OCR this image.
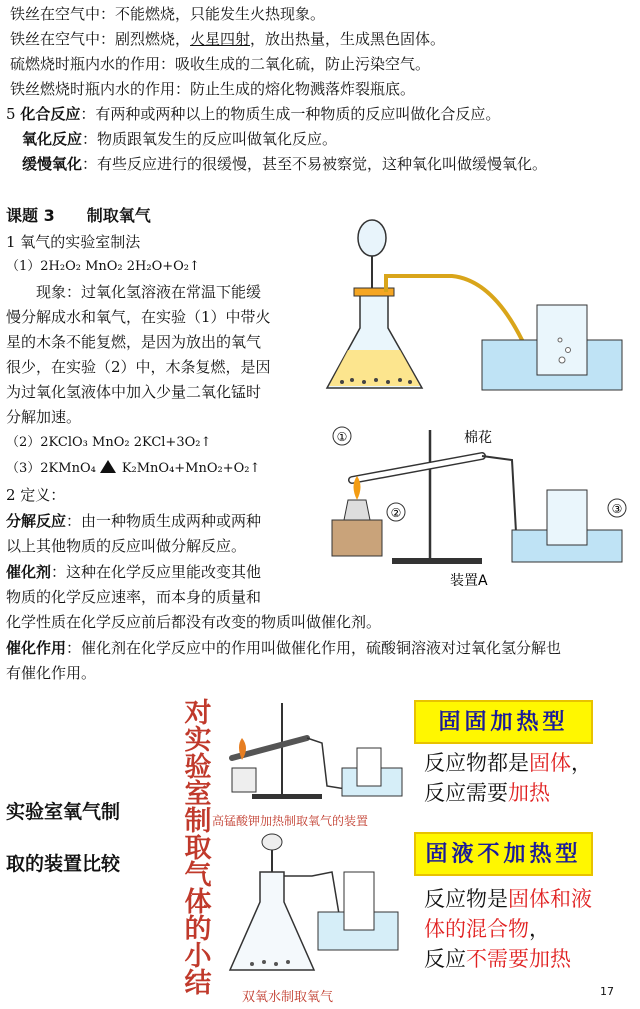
铁丝在空气中：不能燃烧，只能发生火热现象。
铁丝在空气中：剧烈燃烧，火星四射，放出热量，生成黑色固体。
硫燃烧时瓶内水的作用：吸收生成的二氧化硫，防止污染空气。
铁丝燃烧时瓶内水的作用：防止生成的熔化物溅落炸裂瓶底。
5 化合反应：有两种或两种以上的物质生成一种物质的反应叫做化合反应。
氧化反应：物质跟氧发生的反应叫做氧化反应。
缓慢氧化：有些反应进行的很缓慢，甚至不易被察觉，这种氧化叫做缓慢氧化。
课题 3　　制取氧气
1 氧气的实验室制法
（1）2H₂O₂ MnO₂ 2H₂O+O₂↑
　　现象：过氧化氢溶液在常温下能缓
慢分解成水和氧气，在实验（1）中带火
星的木条不能复燃，是因为放出的氧气
很少，在实验（2）中，木条复燃，是因
为过氧化氢液体中加入少量二氧化锰时
分解加速。
（2）2KClO₃ MnO₂ 2KCl+3O₂↑
（3）2KMnO₄ K₂MnO₄+MnO₂+O₂↑
2 定义：
分解反应：由一种物质生成两种或两种
以上其他物质的反应叫做分解反应。
催化剂：这种在化学反应里能改变其他
物质的化学反应速率，而本身的质量和
化学性质在化学反应前后都没有改变的物质叫做催化剂。
催化作用：催化剂在化学反应中的作用叫做催化作用，硫酸铜溶液对过氧化氢分解也
有催化作用。
①
②	③
棉花
装置A
实验室氧气制
取的装置比较
对实验室制取气体的小结
高锰酸钾加热制取氧气的装置
固固加热型
反应物都是固体，
反应需要加热
双氧水制取氧气
固液不加热型
反应物是固体和液
体的混合物，
反应不需要加热
17
